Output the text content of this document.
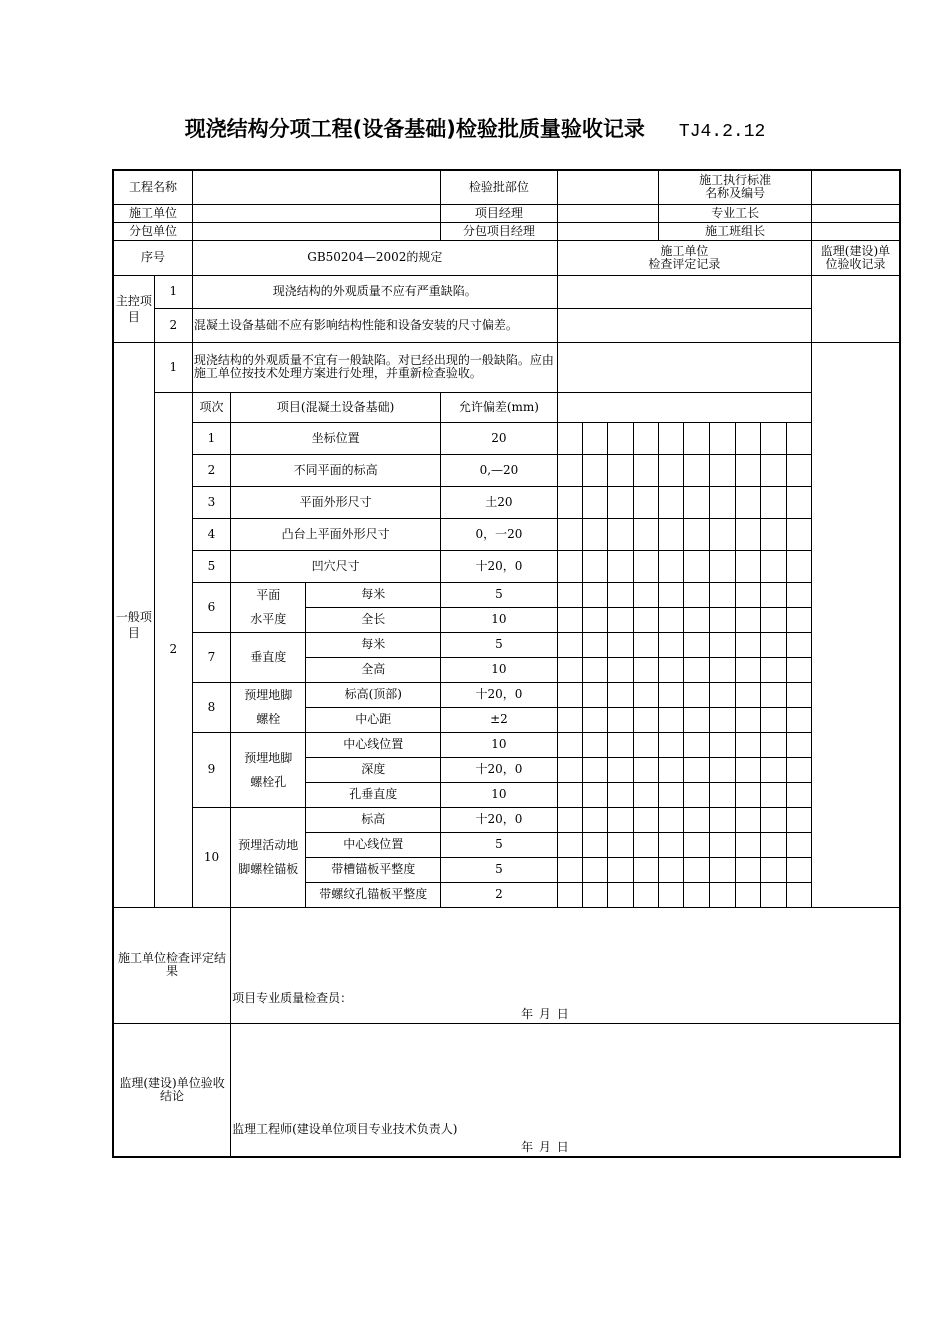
现浇结构分项工程(设备基础)检验批质量验收记录 TJ4.2.12
工程名称					检验批部位					施工执行标准
名称及编号						
施工单位					项目经理					专业工长						
分包单位					分包项目经理					施工班组长						
序号		GB50204—2002的规定				施工单位
检查评定记录										监理(建设)单
位验收记录
主控项目	1	现浇结构的外观质量不应有严重缺陷。														
	2	混凝土设备基础不应有影响结构性能和设备安装的尺寸偏差。														
一般项目	1	现浇结构的外观质量不宜有一般缺陷。对已经出现的一般缺陷。应由施工单位按技术处理方案进行处理，并重新检查验收。														
	2	项次	项目(混凝土设备基础)		允许偏差(mm)											
		1	坐标位置		20											
		2	不同平面的标高		0,—20											
		3	平面外形尺寸		土20											
		4	凸台上平面外形尺寸		0，一20											
		5	凹穴尺寸		十20，0											
		6	平面
水平度	每米	5											
				全长	10											
		7	垂直度	每米	5											
				全高	10											
		8	预埋地脚
螺栓	标高(顶部)	十20，0											
				中心距	±2											
		9	预埋地脚
螺栓孔	中心线位置	10											
				深度	十20，0											
				孔垂直度	10											
		10	预埋活动地
脚螺栓锚板	标高	十20，0											
				中心线位置	5											
				带槽锚板平整度	5											
				带螺纹孔锚板平整度	2											
施工单位检查评定结果			项目专业质量检查员：
年 月 日													

监理(建设)单位验收结论			监理工程师(建设单位项目专业技术负责人)
年 月 日													
